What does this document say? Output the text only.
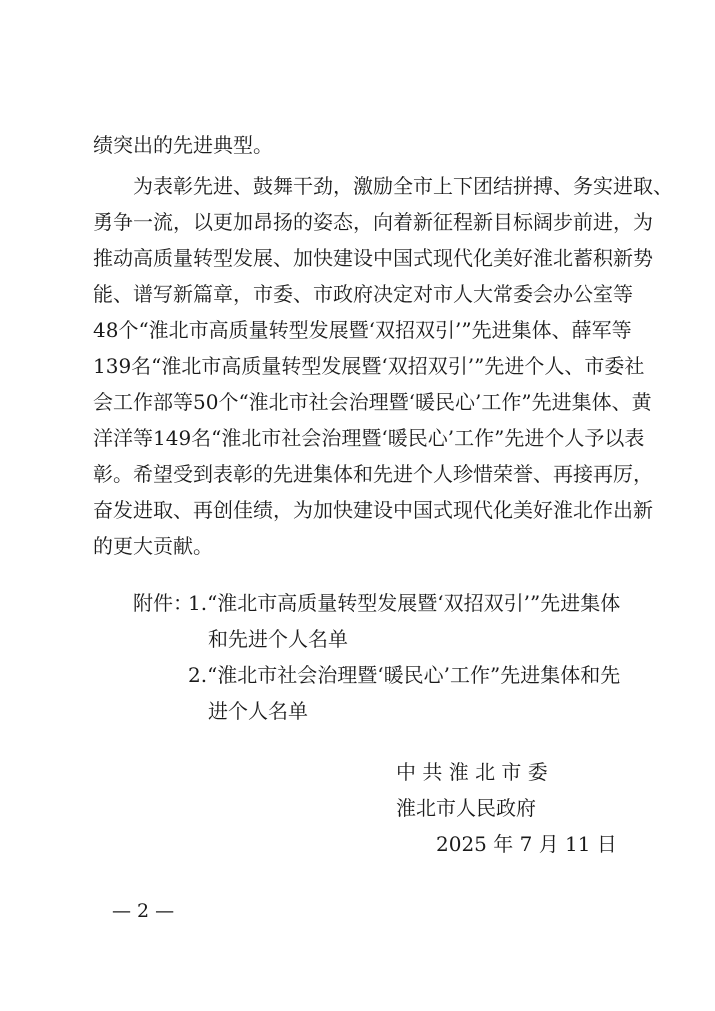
绩突出的先进典型。
为表彰先进、鼓舞干劲，激励全市上下团结拼搏、务实进取、
勇争一流，以更加昂扬的姿态，向着新征程新目标阔步前进，为
推动高质量转型发展、加快建设中国式现代化美好淮北蓄积新势
能、谱写新篇章，市委、市政府决定对市人大常委会办公室等
48个“淮北市高质量转型发展暨‘双招双引’”先进集体、薛军等
139名“淮北市高质量转型发展暨‘双招双引’”先进个人、市委社
会工作部等50个“淮北市社会治理暨‘暖民心’工作”先进集体、黄
洋洋等149名“淮北市社会治理暨‘暖民心’工作”先进个人予以表
彰。希望受到表彰的先进集体和先进个人珍惜荣誉、再接再厉，
奋发进取、再创佳绩，为加快建设中国式现代化美好淮北作出新
的更大贡献。
附件：
1.“淮北市高质量转型发展暨‘双招双引’”先进集体
和先进个人名单
2.“淮北市社会治理暨‘暖民心’工作”先进集体和先
进个人名单
中 共 淮 北 市 委
淮北市人民政府
2025 年 7 月 11 日
— 2 —
